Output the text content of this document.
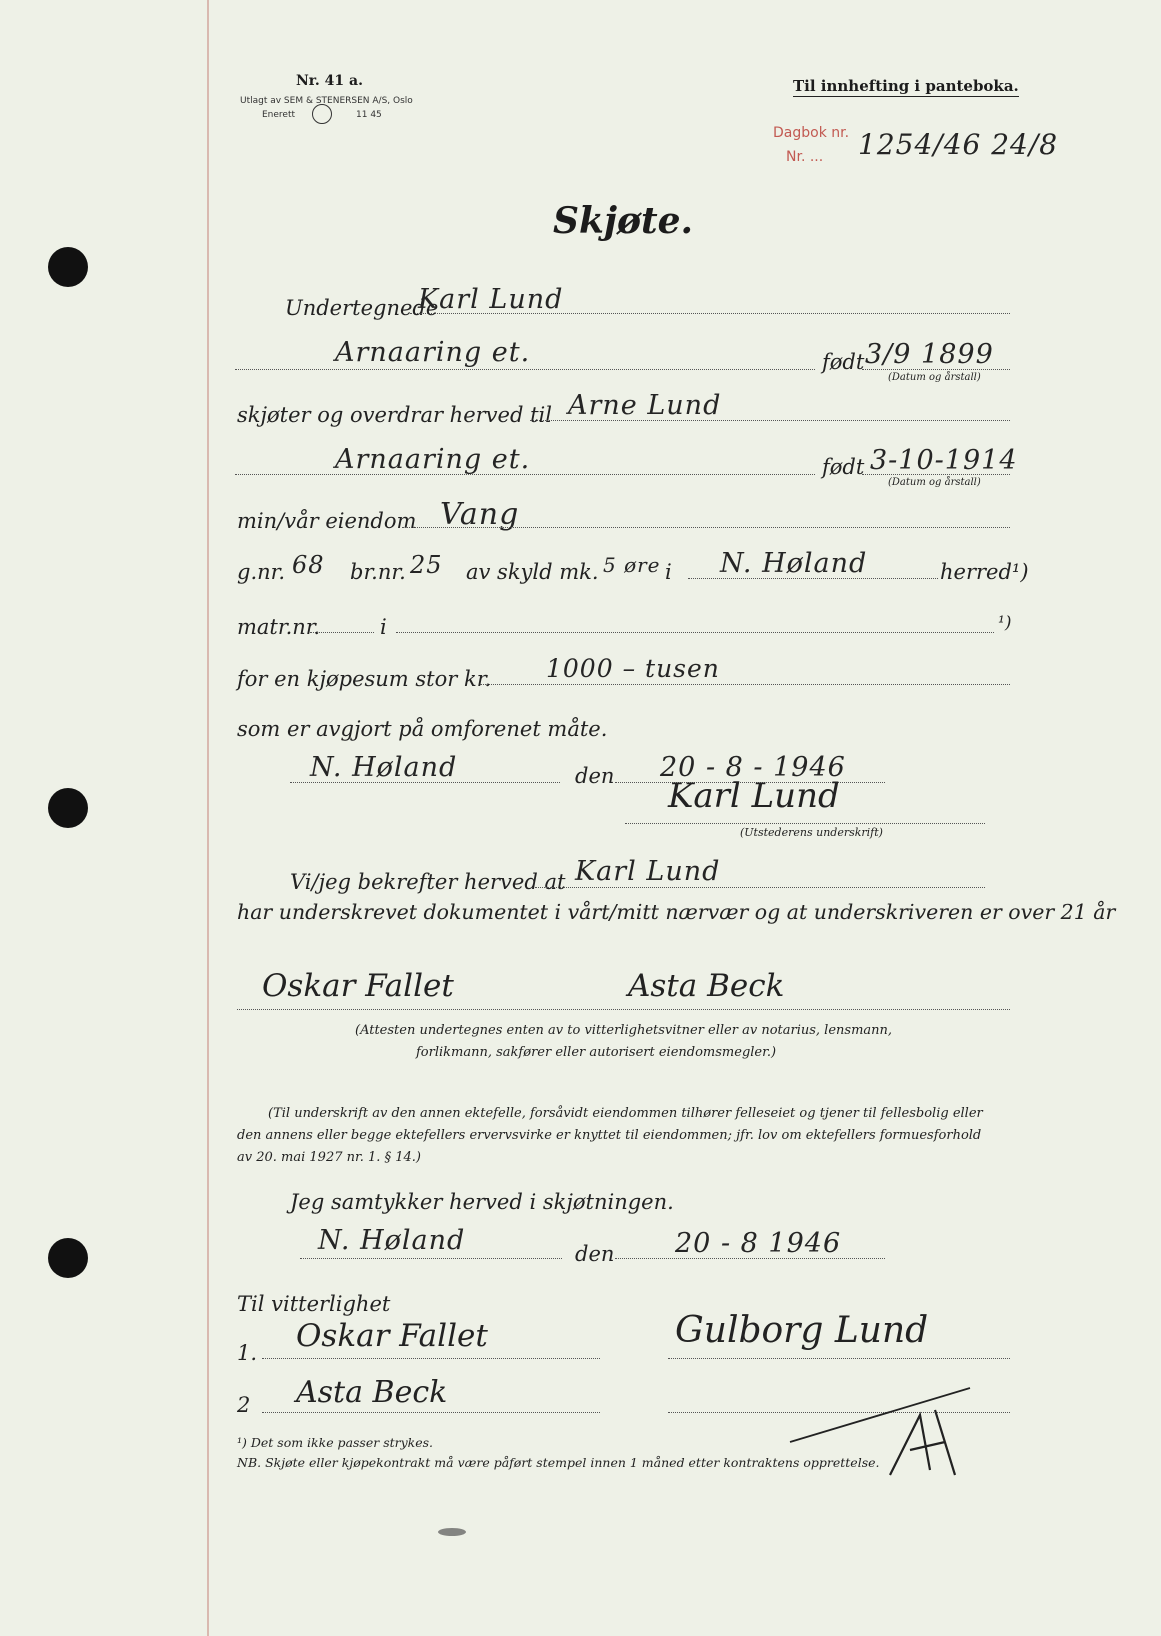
Nr. 41 a.
Utlagt av SEM & STENERSEN A/S, Oslo
Enerett	11 45
Til innhefting i panteboka.
Dagbok nr.
Nr. ... 1254/46 24/8
Skjøte.
Undertegnede
Karl Lund
Arnaaring et.	født 3/9 1899
(Datum og årstall)
skjøter og overdrar herved til Arne Lund
Arnaaring et.	født 3-10-1914
(Datum og årstall)
min/vår eiendom Vang
g.nr. 68 br.nr. 25 av skyld mk. 5 øre i N. Høland	herred¹)
matr.nr.	i	¹)
for en kjøpesum stor kr. 1000 – tusen
som er avgjort på omforenet måte.
N. Høland	den 20 - 8 - 1946
Karl Lund
(Utstederens underskrift)
Vi/jeg bekrefter herved at Karl Lund
har underskrevet dokumentet i vårt/mitt nærvær og at underskriveren er over 21 år
Oskar Fallet	Asta Beck
(Attesten undertegnes enten av to vitterlighetsvitner eller av notarius, lensmann,
forlikmann, sakfører eller autorisert eiendomsmegler.)
(Til underskrift av den annen ektefelle, forsåvidt eiendommen tilhører felleseiet og tjener til fellesbolig eller
den annens eller begge ektefellers ervervsvirke er knyttet til eiendommen; jfr. lov om ektefellers formuesforhold
av 20. mai 1927 nr. 1. § 14.)
Jeg samtykker herved i skjøtningen.
N. Høland	den 20 - 8 1946
Til vitterlighet
1. Oskar Fallet	Gulborg Lund
2 Asta Beck
¹) Det som ikke passer strykes.
NB. Skjøte eller kjøpekontrakt må være påført stempel innen 1 måned etter kontraktens opprettelse.
